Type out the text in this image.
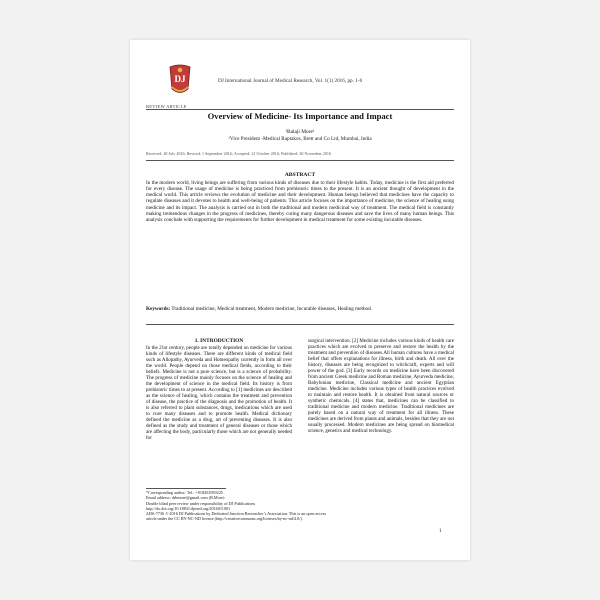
DJ	DJ International Journal of Medical Research, Vol. 1(1) 2016, pp. 1-6
REVIEW ARTICLE
Overview of Medicine- Its Importance and Impact
¹Balaji More¹
¹Vice President -Medical Raptakos, Brett and Co Ltd, Mumbai, India
Received: 28 July 2016; Revised: 1 September 2016; Accepted: 21 October 2016; Published: 30 November 2016
ABSTRACT
In the modern world, living beings are suffering from various kinds of diseases due to their lifestyle habits. Today, medicine is the first aid preferred for every disease. The usage of medicine is being practiced from prehistoric times to the present. It is an ancient thought of development in the medical world. This article reviews the evolution of medicine and their development. Human beings believed that medicines have the capacity to regulate diseases and it devotes to health and well-being of patients. This article focuses on the importance of medicine, the science of healing using medicine and its impact. The analysis is carried out in both the traditional and modern medicinal way of treatment. The medical field is constantly making tremendous changes in the progress of medicines, thereby curing many dangerous diseases and save the lives of many human beings. This analysis conclude with supporting the requirements for further development in medical treatment for some existing incurable diseases.
Keywords: Traditional medicine, Medical treatment, Modern medicine, Incurable diseases, Healing method.
1. INTRODUCTION
In the 21st century, people are totally depended on medicine for various kinds of lifestyle diseases. There are different kinds of medical field such as Allopathy, Ayurveda and Homeopathy currently in form all over the world. People depend on those medical fields, according to their beliefs. Medicine is not a pure science, but is a science of probability. The progress of medicine mainly focuses on the science of healing and the development of science in the medical field. Its history is from prehistoric times to at present. According to [1] medicines are described as the science of healing, which contains the treatment and prevention of disease, the practice of the diagnosis and the promotion of health. It is also referred to plant substances, drugs, medications which are used to cure many diseases and to promote health. Medical dictionary defined the medicine as a drug, art of preventing diseases. It is also defined as the study and treatment of general diseases or those which are affecting the body, particularly those which are not generally needed for
surgical intervention. [2] Medicine includes various kinds of health care practices which are evolved to preserve and restore the health by the treatment and prevention of diseases.All human cultures have a medical belief that offers explanations for illness, birth and death. All over the history, diseases are being recognized to witchcraft, experts and will power of the god. [3] Early records on medicine have been discovered from ancient Greek medicine and Roman medicine, Ayurveda medicine, Babylonian medicine, Classical medicine and ancient Egyptian medicine. Medicine includes various types of health practices evolved to maintain and restore health. It is obtained from natural sources or synthetic chemicals. [4] states that, medicines can be classified to traditional medicine and modern medicine. Traditional medicines are purely based on a natural way of treatment for all illness. These medicines are derived from plants and animals, besides that they are not usually processed. Modern medicines are being spread on biomedical science, genetics and medical technology.
*Corresponding author: Tel.: +918452959225
Email address: drbmore@gmail.com (B.More)
Double blind peer review under responsibility of DJ Publications
http://dx.doi.org/10.18831/djmed.org/2016011001
2456-7736 © 2016 DJ Publications by Dedicated Junction Researcher’s Association. This is an open access
article under the CC BY-NC-ND license (http://creativecommons.org/licenses/by-nc-nd/4.0/).
1
